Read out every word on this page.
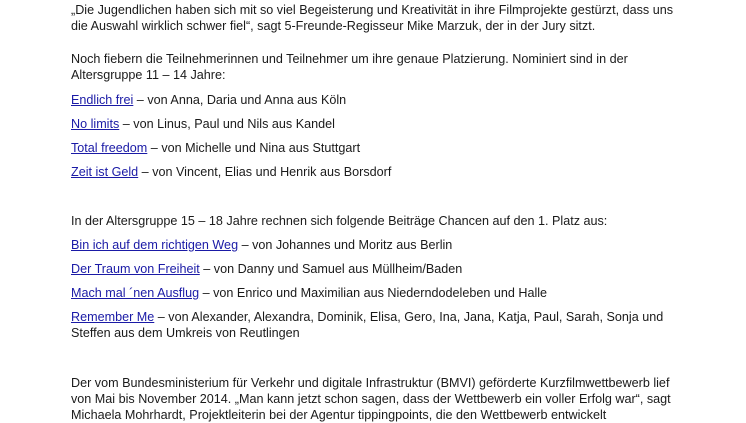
„Die Jugendlichen haben sich mit so viel Begeisterung und Kreativität in ihre Filmprojekte gestürzt, dass uns die Auswahl wirklich schwer fiel“, sagt 5-Freunde-Regisseur Mike Marzuk, der in der Jury sitzt.

Noch fiebern die Teilnehmerinnen und Teilnehmer um ihre genaue Platzierung. Nominiert sind in der Altersgruppe 11 – 14 Jahre:

Endlich frei – von Anna, Daria und Anna aus Köln

No limits – von Linus, Paul und Nils aus Kandel

Total freedom – von Michelle und Nina aus Stuttgart

Zeit ist Geld – von Vincent, Elias und Henrik aus Borsdorf

In der Altersgruppe 15 – 18 Jahre rechnen sich folgende Beiträge Chancen auf den 1. Platz aus:

Bin ich auf dem richtigen Weg – von Johannes und Moritz aus Berlin

Der Traum von Freiheit – von Danny und Samuel aus Müllheim/Baden

Mach mal ´nen Ausflug – von Enrico und Maximilian aus Niederndodeleben und Halle

Remember Me – von Alexander, Alexandra, Dominik, Elisa, Gero, Ina, Jana, Katja, Paul, Sarah, Sonja und Steffen aus dem Umkreis von Reutlingen

Der vom Bundesministerium für Verkehr und digitale Infrastruktur (BMVI) geförderte Kurzfilmwettbewerb lief von Mai bis November 2014. „Man kann jetzt schon sagen, dass der Wettbewerb ein voller Erfolg war“, sagt Michaela Mohrhardt, Projektleiterin bei der Agentur tippingpoints, die den Wettbewerb entwickelt
